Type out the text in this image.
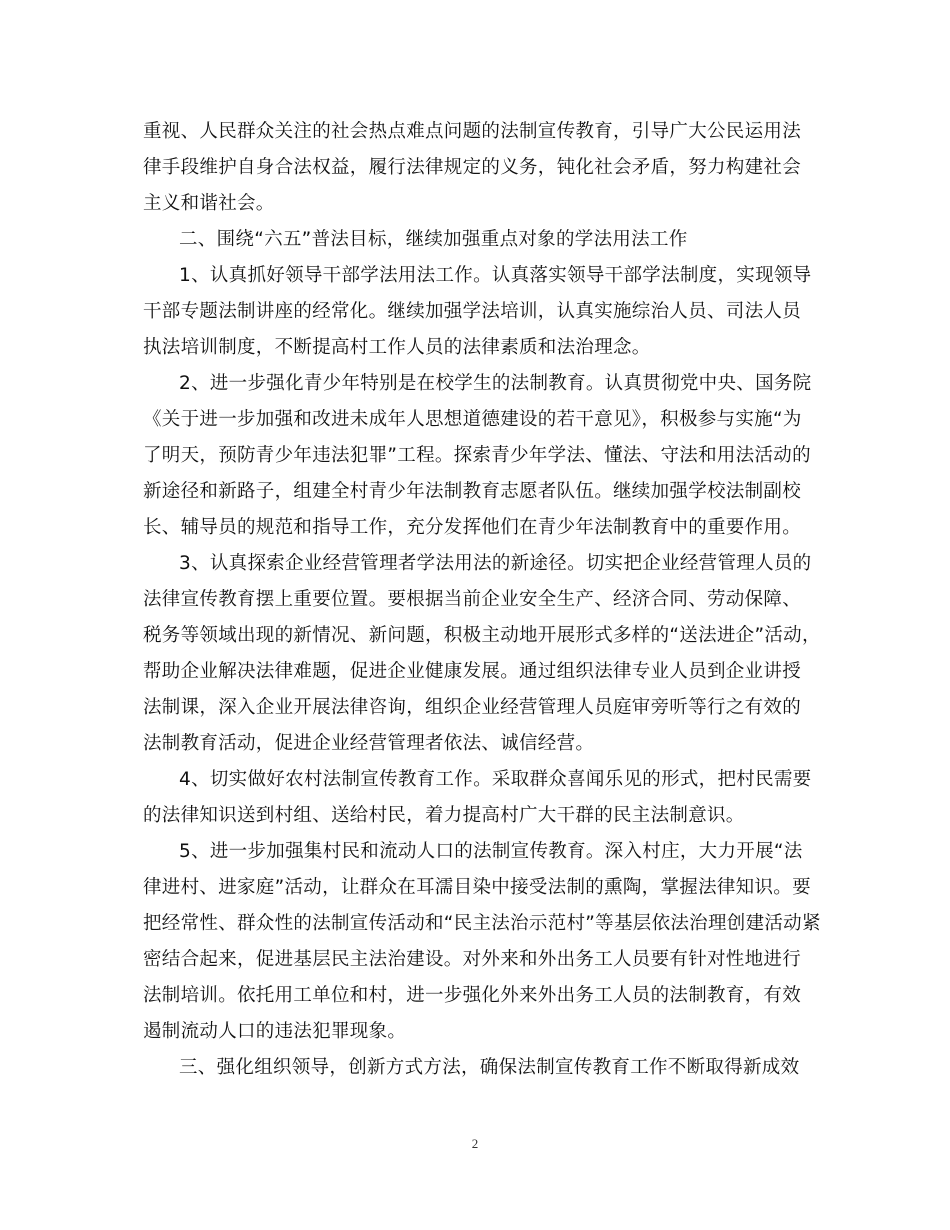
重视、人民群众关注的社会热点难点问题的法制宣传教育，引导广大公民运用法
律手段维护自身合法权益，履行法律规定的义务，钝化社会矛盾，努力构建社会
主义和谐社会。
二、围绕“六五”普法目标，继续加强重点对象的学法用法工作
1、认真抓好领导干部学法用法工作。认真落实领导干部学法制度，实现领导
干部专题法制讲座的经常化。继续加强学法培训，认真实施综治人员、司法人员
执法培训制度，不断提高村工作人员的法律素质和法治理念。
2、进一步强化青少年特别是在校学生的法制教育。认真贯彻党中央、国务院
《关于进一步加强和改进未成年人思想道德建设的若干意见》，积极参与实施“为
了明天，预防青少年违法犯罪”工程。探索青少年学法、懂法、守法和用法活动的
新途径和新路子，组建全村青少年法制教育志愿者队伍。继续加强学校法制副校
长、辅导员的规范和指导工作，充分发挥他们在青少年法制教育中的重要作用。
3、认真探索企业经营管理者学法用法的新途径。切实把企业经营管理人员的
法律宣传教育摆上重要位置。要根据当前企业安全生产、经济合同、劳动保障、
税务等领域出现的新情况、新问题，积极主动地开展形式多样的“送法进企”活动，
帮助企业解决法律难题，促进企业健康发展。通过组织法律专业人员到企业讲授
法制课，深入企业开展法律咨询，组织企业经营管理人员庭审旁听等行之有效的
法制教育活动，促进企业经营管理者依法、诚信经营。
4、切实做好农村法制宣传教育工作。采取群众喜闻乐见的形式，把村民需要
的法律知识送到村组、送给村民，着力提高村广大干群的民主法制意识。
5、进一步加强集村民和流动人口的法制宣传教育。深入村庄，大力开展“法
律进村、进家庭”活动，让群众在耳濡目染中接受法制的熏陶，掌握法律知识。要
把经常性、群众性的法制宣传活动和“民主法治示范村”等基层依法治理创建活动紧
密结合起来，促进基层民主法治建设。对外来和外出务工人员要有针对性地进行
法制培训。依托用工单位和村，进一步强化外来外出务工人员的法制教育，有效
遏制流动人口的违法犯罪现象。
三、强化组织领导，创新方式方法，确保法制宣传教育工作不断取得新成效
2
